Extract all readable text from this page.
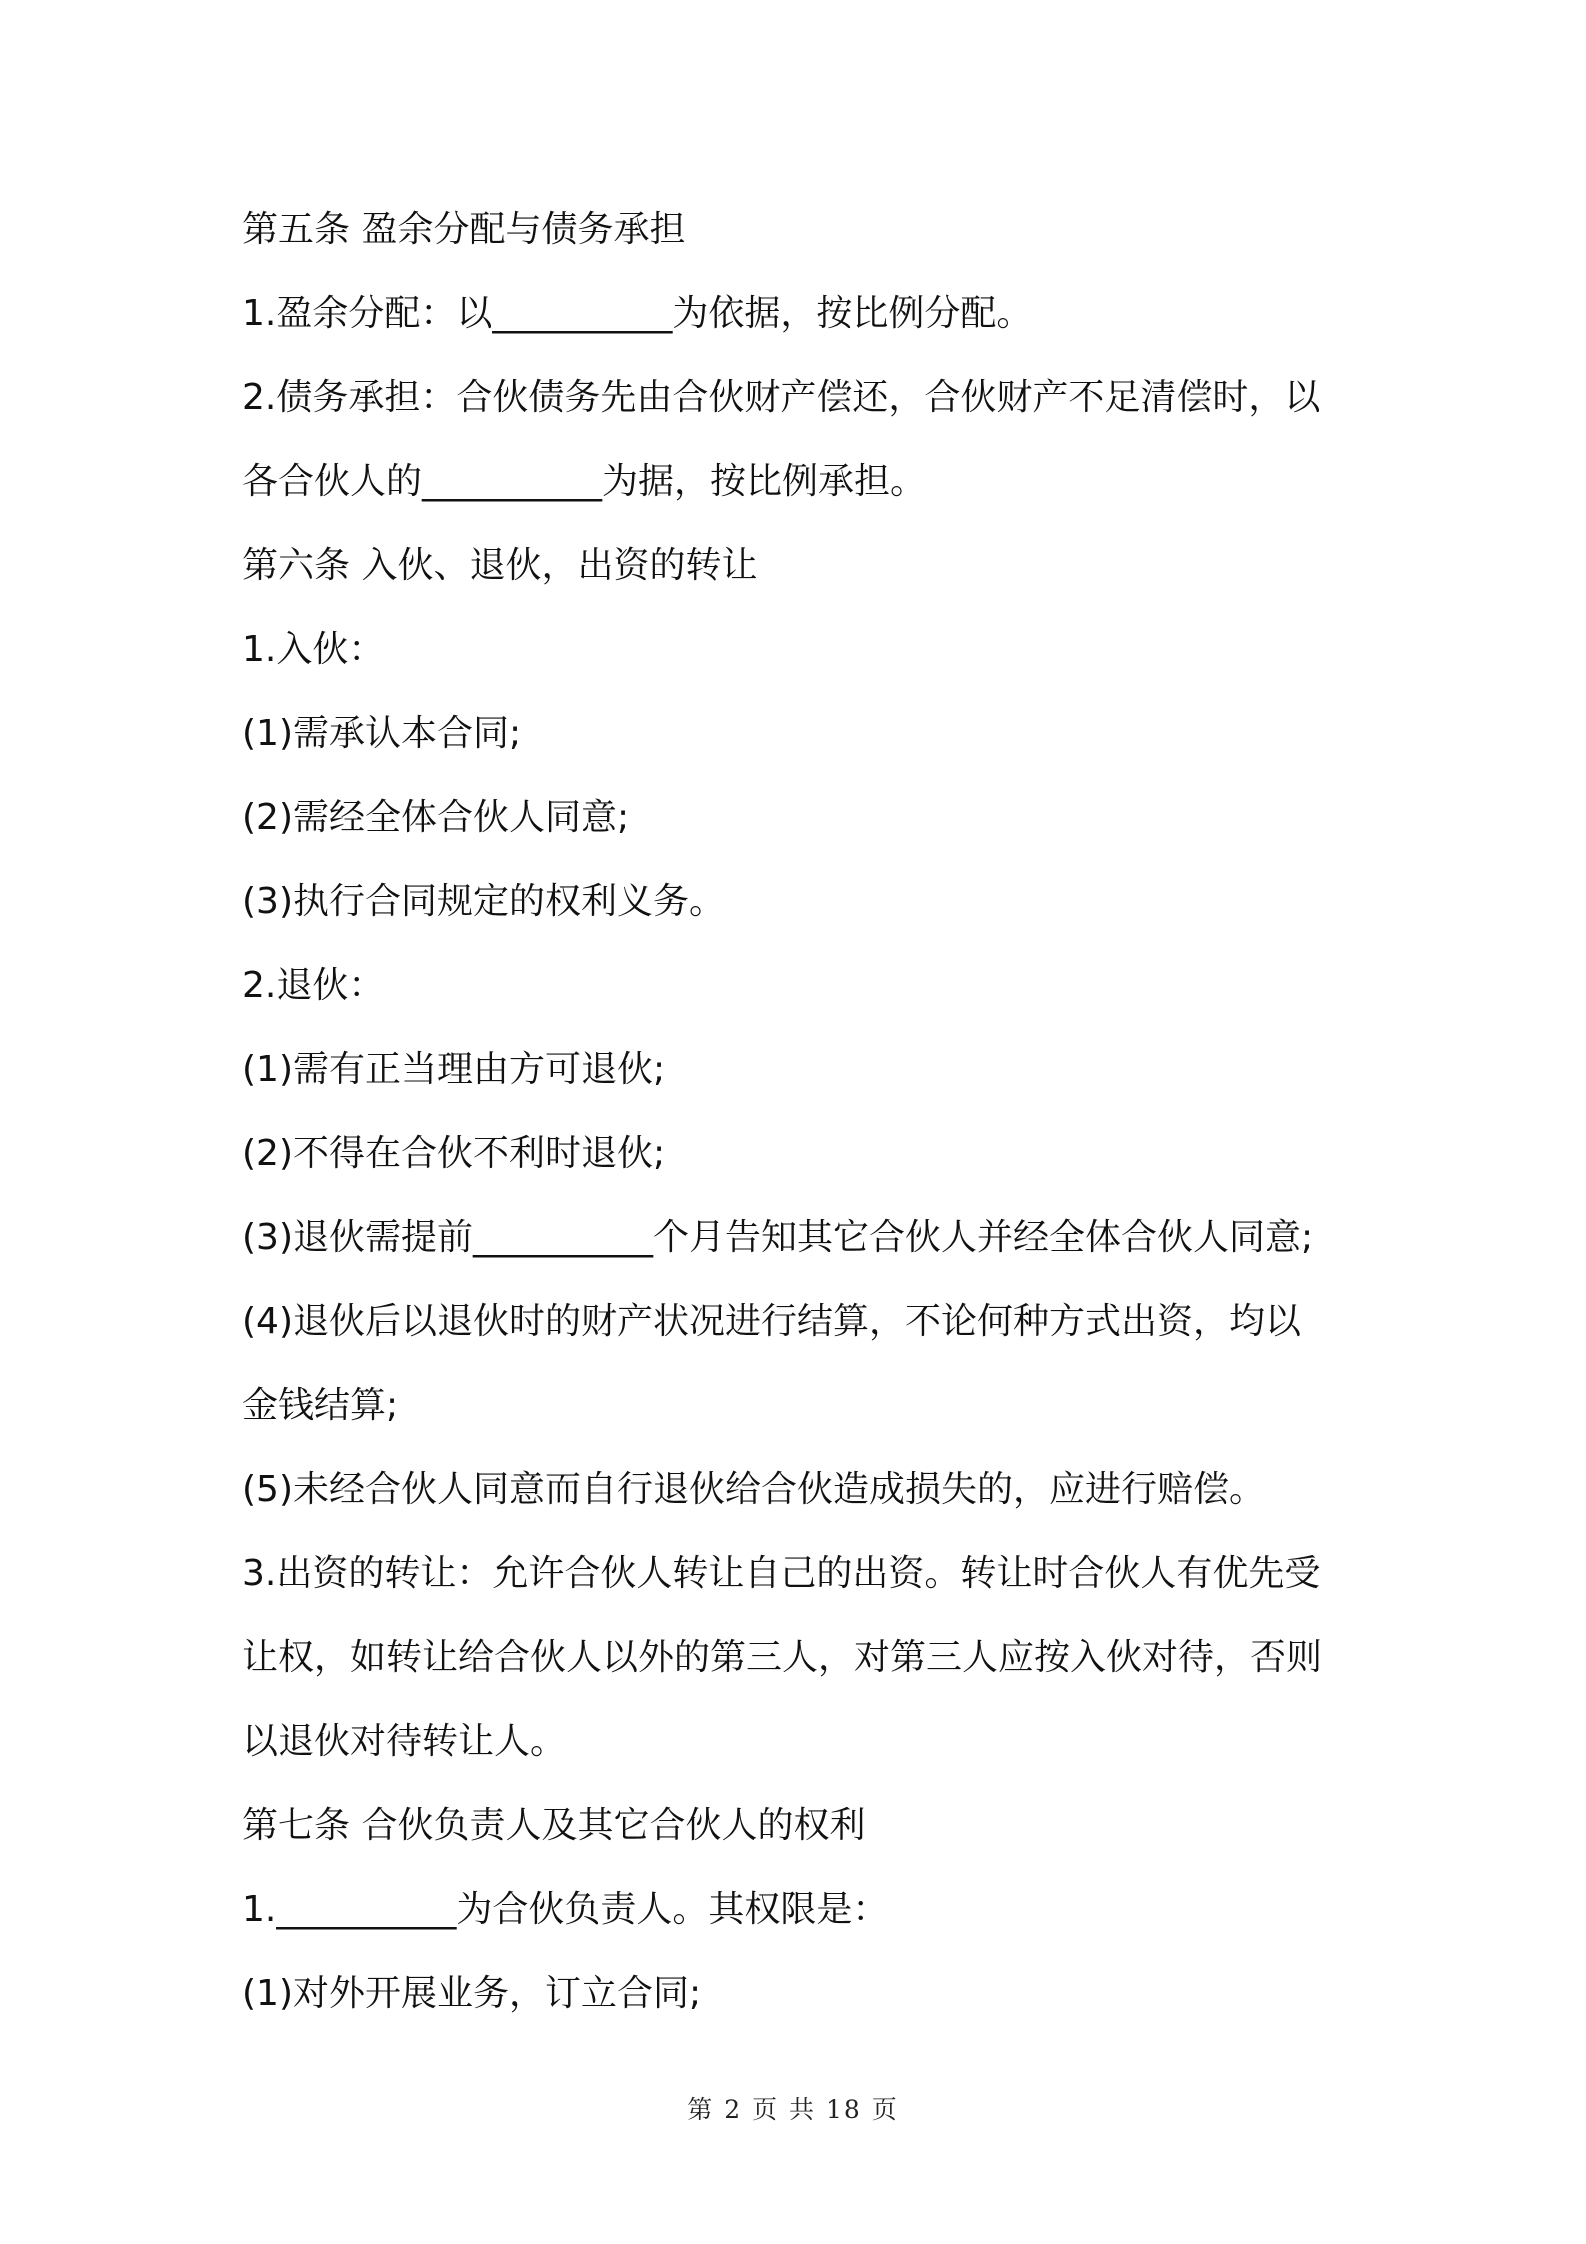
第五条 盈余分配与债务承担
1.盈余分配：以__________为依据，按比例分配。
2.债务承担：合伙债务先由合伙财产偿还，合伙财产不足清偿时，以
各合伙人的__________为据，按比例承担。
第六条 入伙、退伙，出资的转让
1.入伙：
(1)需承认本合同;
(2)需经全体合伙人同意;
(3)执行合同规定的权利义务。
2.退伙：
(1)需有正当理由方可退伙;
(2)不得在合伙不利时退伙;
(3)退伙需提前__________个月告知其它合伙人并经全体合伙人同意;
(4)退伙后以退伙时的财产状况进行结算，不论何种方式出资，均以
金钱结算;
(5)未经合伙人同意而自行退伙给合伙造成损失的，应进行赔偿。
3.出资的转让：允许合伙人转让自己的出资。转让时合伙人有优先受
让权，如转让给合伙人以外的第三人，对第三人应按入伙对待，否则
以退伙对待转让人。
第七条 合伙负责人及其它合伙人的权利
1.__________为合伙负责人。其权限是：
(1)对外开展业务，订立合同;
第 2 页 共 18 页
